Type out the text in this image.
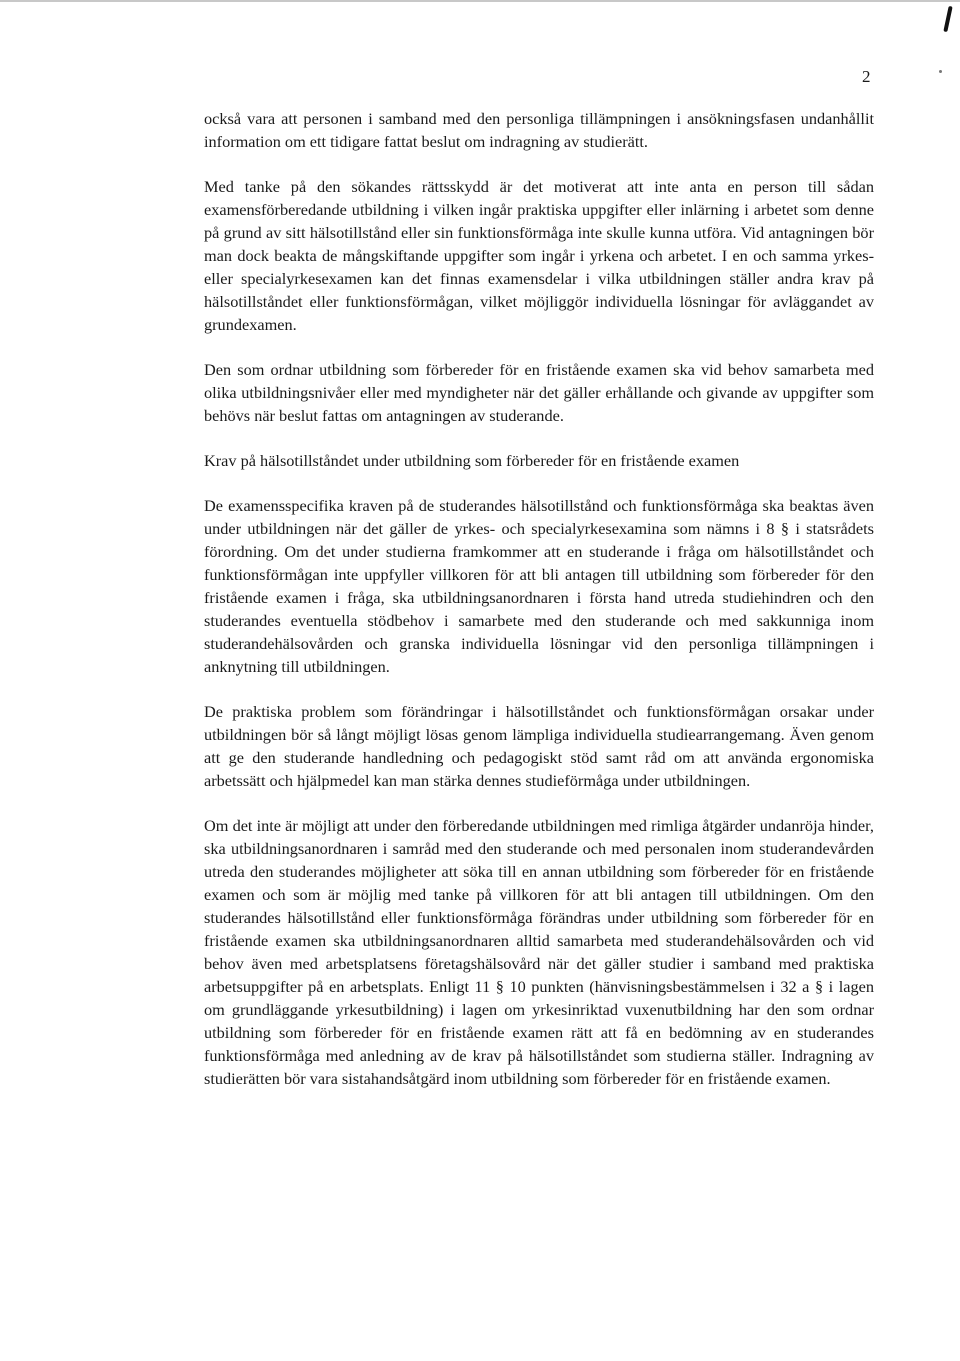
2

också vara att personen i samband med den personliga tillämpningen i ansökningsfasen undanhållit information om ett tidigare fattat beslut om indragning av studierätt.

Med tanke på den sökandes rättsskydd är det motiverat att inte anta en person till sådan examensförberedande utbildning i vilken ingår praktiska uppgifter eller inlärning i arbetet som denne på grund av sitt hälsotillstånd eller sin funktionsförmåga inte skulle kunna utföra. Vid antagningen bör man dock beakta de mångskiftande uppgifter som ingår i yrkena och arbetet. I en och samma yrkes- eller specialyrkesexamen kan det finnas examensdelar i vilka utbildningen ställer andra krav på hälsotillståndet eller funktionsförmågan, vilket möjliggör individuella lösningar för avläggandet av grundexamen.

Den som ordnar utbildning som förbereder för en fristående examen ska vid behov samarbeta med olika utbildningsnivåer eller med myndigheter när det gäller erhållande och givande av uppgifter som behövs när beslut fattas om antagningen av studerande.

Krav på hälsotillståndet under utbildning som förbereder för en fristående examen

De examensspecifika kraven på de studerandes hälsotillstånd och funktionsförmåga ska beaktas även under utbildningen när det gäller de yrkes- och specialyrkesexamina som nämns i 8 § i statsrådets förordning. Om det under studierna framkommer att en studerande i fråga om hälsotillståndet och funktionsförmågan inte uppfyller villkoren för att bli antagen till utbildning som förbereder för den fristående examen i fråga, ska utbildningsanordnaren i första hand utreda studiehindren och den studerandes eventuella stödbehov i samarbete med den studerande och med sakkunniga inom studerandehälsovården och granska individuella lösningar vid den personliga tillämpningen i anknytning till utbildningen.

De praktiska problem som förändringar i hälsotillståndet och funktionsförmågan orsakar under utbildningen bör så långt möjligt lösas genom lämpliga individuella studiearrangemang. Även genom att ge den studerande handledning och pedagogiskt stöd samt råd om att använda ergonomiska arbetssätt och hjälpmedel kan man stärka dennes studieförmåga under utbildningen.

Om det inte är möjligt att under den förberedande utbildningen med rimliga åtgärder undanröja hinder, ska utbildningsanordnaren i samråd med den studerande och med personalen inom studerandevården utreda den studerandes möjligheter att söka till en annan utbildning som förbereder för en fristående examen och som är möjlig med tanke på villkoren för att bli antagen till utbildningen. Om den studerandes hälsotillstånd eller funktionsförmåga förändras under utbildning som förbereder för en fristående examen ska utbildningsanordnaren alltid samarbeta med studerandehälsovården och vid behov även med arbetsplatsens företagshälsovård när det gäller studier i samband med praktiska arbetsuppgifter på en arbetsplats. Enligt 11 § 10 punkten (hänvisningsbestämmelsen i 32 a § i lagen om grundläggande yrkesutbildning) i lagen om yrkesinriktad vuxenutbildning har den som ordnar utbildning som förbereder för en fristående examen rätt att få en bedömning av en studerandes funktionsförmåga med anledning av de krav på hälsotillståndet som studierna ställer. Indragning av studierätten bör vara sistahandsåtgärd inom utbildning som förbereder för en fristående examen.
